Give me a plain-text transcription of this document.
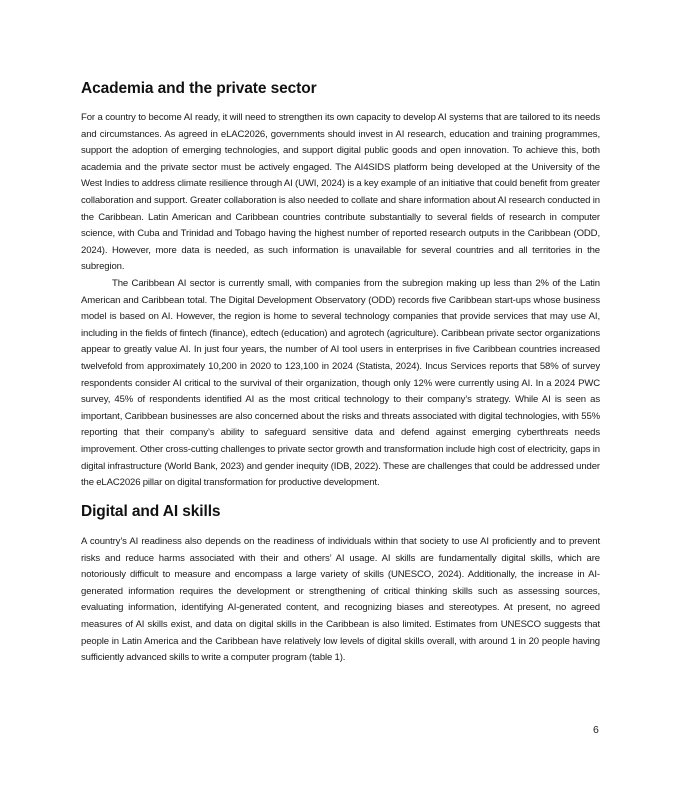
Academia and the private sector

For a country to become AI ready, it will need to strengthen its own capacity to develop AI systems that are tailored to its needs and circumstances. As agreed in eLAC2026, governments should invest in AI research, education and training programmes, support the adoption of emerging technologies, and support digital public goods and open innovation. To achieve this, both academia and the private sector must be actively engaged. The AI4SIDS platform being developed at the University of the West Indies to address climate resilience through AI (UWI, 2024) is a key example of an initiative that could benefit from greater collaboration and support. Greater collaboration is also needed to collate and share information about AI research conducted in the Caribbean. Latin American and Caribbean countries contribute substantially to several fields of research in computer science, with Cuba and Trinidad and Tobago having the highest number of reported research outputs in the Caribbean (ODD, 2024). However, more data is needed, as such information is unavailable for several countries and all territories in the subregion.

The Caribbean AI sector is currently small, with companies from the subregion making up less than 2% of the Latin American and Caribbean total. The Digital Development Observatory (ODD) records five Caribbean start-ups whose business model is based on AI. However, the region is home to several technology companies that provide services that may use AI, including in the fields of fintech (finance), edtech (education) and agrotech (agriculture). Caribbean private sector organizations appear to greatly value AI. In just four years, the number of AI tool users in enterprises in five Caribbean countries increased twelvefold from approximately 10,200 in 2020 to 123,100 in 2024 (Statista, 2024). Incus Services reports that 58% of survey respondents consider AI critical to the survival of their organization, though only 12% were currently using AI. In a 2024 PWC survey, 45% of respondents identified AI as the most critical technology to their company’s strategy. While AI is seen as important, Caribbean businesses are also concerned about the risks and threats associated with digital technologies, with 55% reporting that their company’s ability to safeguard sensitive data and defend against emerging cyberthreats needs improvement. Other cross-cutting challenges to private sector growth and transformation include high cost of electricity, gaps in digital infrastructure (World Bank, 2023) and gender inequity (IDB, 2022). These are challenges that could be addressed under the eLAC2026 pillar on digital transformation for productive development.

Digital and AI skills

A country’s AI readiness also depends on the readiness of individuals within that society to use AI proficiently and to prevent risks and reduce harms associated with their and others’ AI usage. AI skills are fundamentally digital skills, which are notoriously difficult to measure and encompass a large variety of skills (UNESCO, 2024). Additionally, the increase in AI-generated information requires the development or strengthening of critical thinking skills such as assessing sources, evaluating information, identifying AI-generated content, and recognizing biases and stereotypes. At present, no agreed measures of AI skills exist, and data on digital skills in the Caribbean is also limited. Estimates from UNESCO suggests that people in Latin America and the Caribbean have relatively low levels of digital skills overall, with around 1 in 20 people having sufficiently advanced skills to write a computer program (table 1).

6
